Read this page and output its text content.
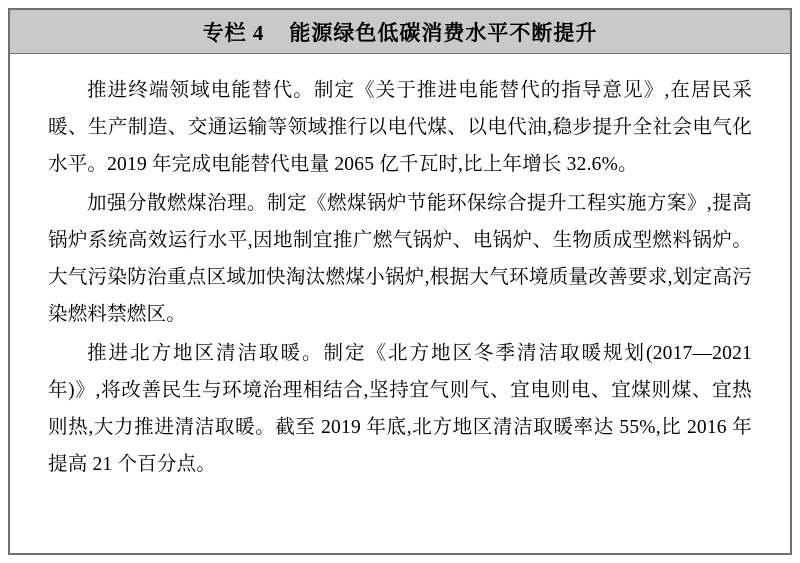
专栏 4    能源绿色低碳消费水平不断提升

推进终端领域电能替代。制定《关于推进电能替代的指导意见》,在居民采暖、生产制造、交通运输等领域推行以电代煤、以电代油,稳步提升全社会电气化水平。2019 年完成电能替代电量 2065 亿千瓦时,比上年增长 32.6%。

加强分散燃煤治理。制定《燃煤锅炉节能环保综合提升工程实施方案》,提高锅炉系统高效运行水平,因地制宜推广燃气锅炉、电锅炉、生物质成型燃料锅炉。大气污染防治重点区域加快淘汰燃煤小锅炉,根据大气环境质量改善要求,划定高污染燃料禁燃区。

推进北方地区清洁取暖。制定《北方地区冬季清洁取暖规划(2017—2021 年)》,将改善民生与环境治理相结合,坚持宜气则气、宜电则电、宜煤则煤、宜热则热,大力推进清洁取暖。截至 2019 年底,北方地区清洁取暖率达 55%,比 2016 年提高 21 个百分点。
